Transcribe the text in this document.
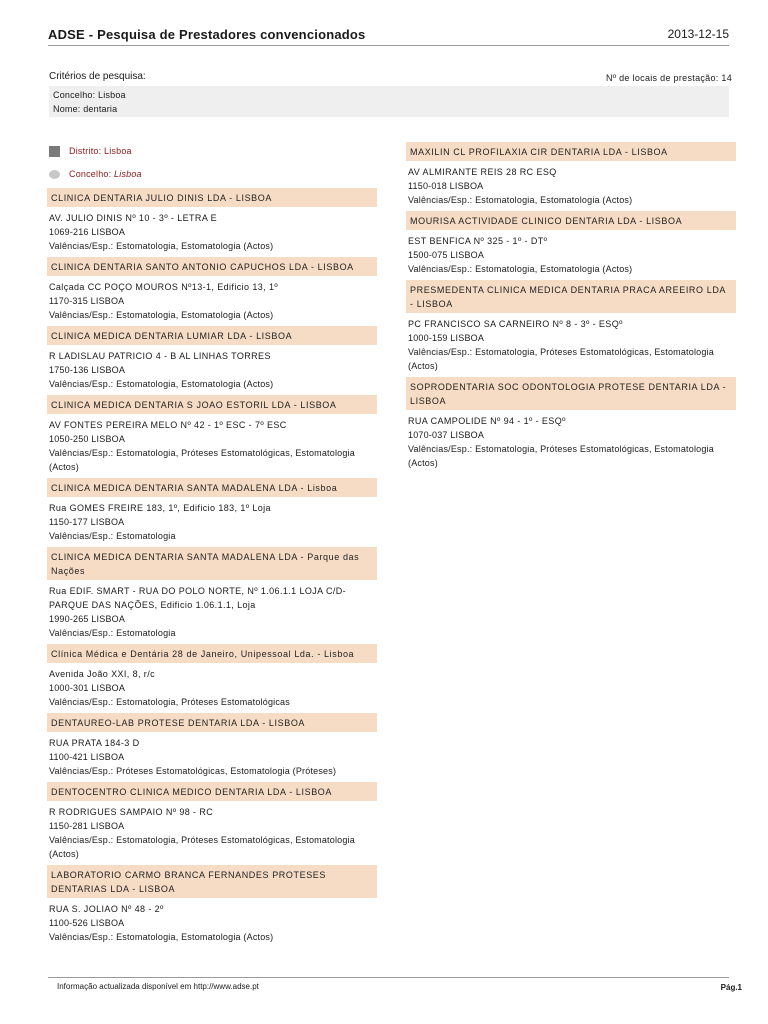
ADSE - Pesquisa de Prestadores convencionados	2013-12-15
Critérios de pesquisa:	Nº de locais de prestação: 14
Concelho: Lisboa
Nome: dentaria
Distrito: Lisboa
Concelho: Lisboa
CLINICA DENTARIA JULIO DINIS LDA - LISBOA
AV. JULIO DINIS Nº 10 - 3º - LETRA E
1069-216 LISBOA
Valências/Esp.: Estomatologia, Estomatologia (Actos)
CLINICA DENTARIA SANTO ANTONIO CAPUCHOS LDA - LISBOA
Calçada CC POÇO MOUROS Nº13-1, Edificio 13, 1º
1170-315 LISBOA
Valências/Esp.: Estomatologia, Estomatologia (Actos)
CLINICA MEDICA DENTARIA LUMIAR LDA - LISBOA
R LADISLAU PATRICIO 4 - B AL LINHAS TORRES
1750-136 LISBOA
Valências/Esp.: Estomatologia, Estomatologia (Actos)
CLINICA MEDICA DENTARIA S JOAO ESTORIL LDA - LISBOA
AV FONTES PEREIRA MELO Nº 42 - 1º ESC - 7º ESC
1050-250 LISBOA
Valências/Esp.: Estomatologia, Próteses Estomatológicas, Estomatologia (Actos)
CLINICA MEDICA DENTARIA SANTA MADALENA LDA - Lisboa
Rua GOMES FREIRE 183, 1º, Edificio 183, 1º Loja
1150-177 LISBOA
Valências/Esp.: Estomatologia
CLINICA MEDICA DENTARIA SANTA MADALENA LDA - Parque das Nações
Rua EDIF. SMART - RUA DO POLO NORTE, Nº 1.06.1.1 LOJA C/D- PARQUE DAS NAÇÕES, Edificio 1.06.1.1, Loja
1990-265 LISBOA
Valências/Esp.: Estomatologia
Clínica Médica e Dentária 28 de Janeiro, Unipessoal Lda. - Lisboa
Avenida João XXI, 8, r/c
1000-301 LISBOA
Valências/Esp.: Estomatologia, Próteses Estomatológicas
DENTAUREO-LAB PROTESE DENTARIA LDA - LISBOA
RUA PRATA 184-3 D
1100-421 LISBOA
Valências/Esp.: Próteses Estomatológicas, Estomatologia (Próteses)
DENTOCENTRO CLINICA MEDICO DENTARIA LDA - LISBOA
R RODRIGUES SAMPAIO Nº 98 - RC
1150-281 LISBOA
Valências/Esp.: Estomatologia, Próteses Estomatológicas, Estomatologia (Actos)
LABORATORIO CARMO BRANCA FERNANDES PROTESES DENTARIAS LDA - LISBOA
RUA S. JOLIAO Nº 48 - 2º
1100-526 LISBOA
Valências/Esp.: Estomatologia, Estomatologia (Actos)
MAXILIN CL PROFILAXIA CIR DENTARIA LDA - LISBOA
AV ALMIRANTE REIS 28 RC ESQ
1150-018 LISBOA
Valências/Esp.: Estomatologia, Estomatologia (Actos)
MOURISA ACTIVIDADE CLINICO DENTARIA LDA - LISBOA
EST BENFICA Nº 325 - 1º - DTº
1500-075 LISBOA
Valências/Esp.: Estomatologia, Estomatologia (Actos)
PRESMEDENTA CLINICA MEDICA DENTARIA PRACA AREEIRO LDA - LISBOA
PC FRANCISCO SA CARNEIRO Nº 8 - 3º - ESQº
1000-159 LISBOA
Valências/Esp.: Estomatologia, Próteses Estomatológicas, Estomatologia (Actos)
SOPRODENTARIA SOC ODONTOLOGIA PROTESE DENTARIA LDA - LISBOA
RUA CAMPOLIDE Nº 94 - 1º - ESQº
1070-037 LISBOA
Valências/Esp.: Estomatologia, Próteses Estomatológicas, Estomatologia (Actos)
Informação actualizada disponível em http://www.adse.pt	Pág.1
